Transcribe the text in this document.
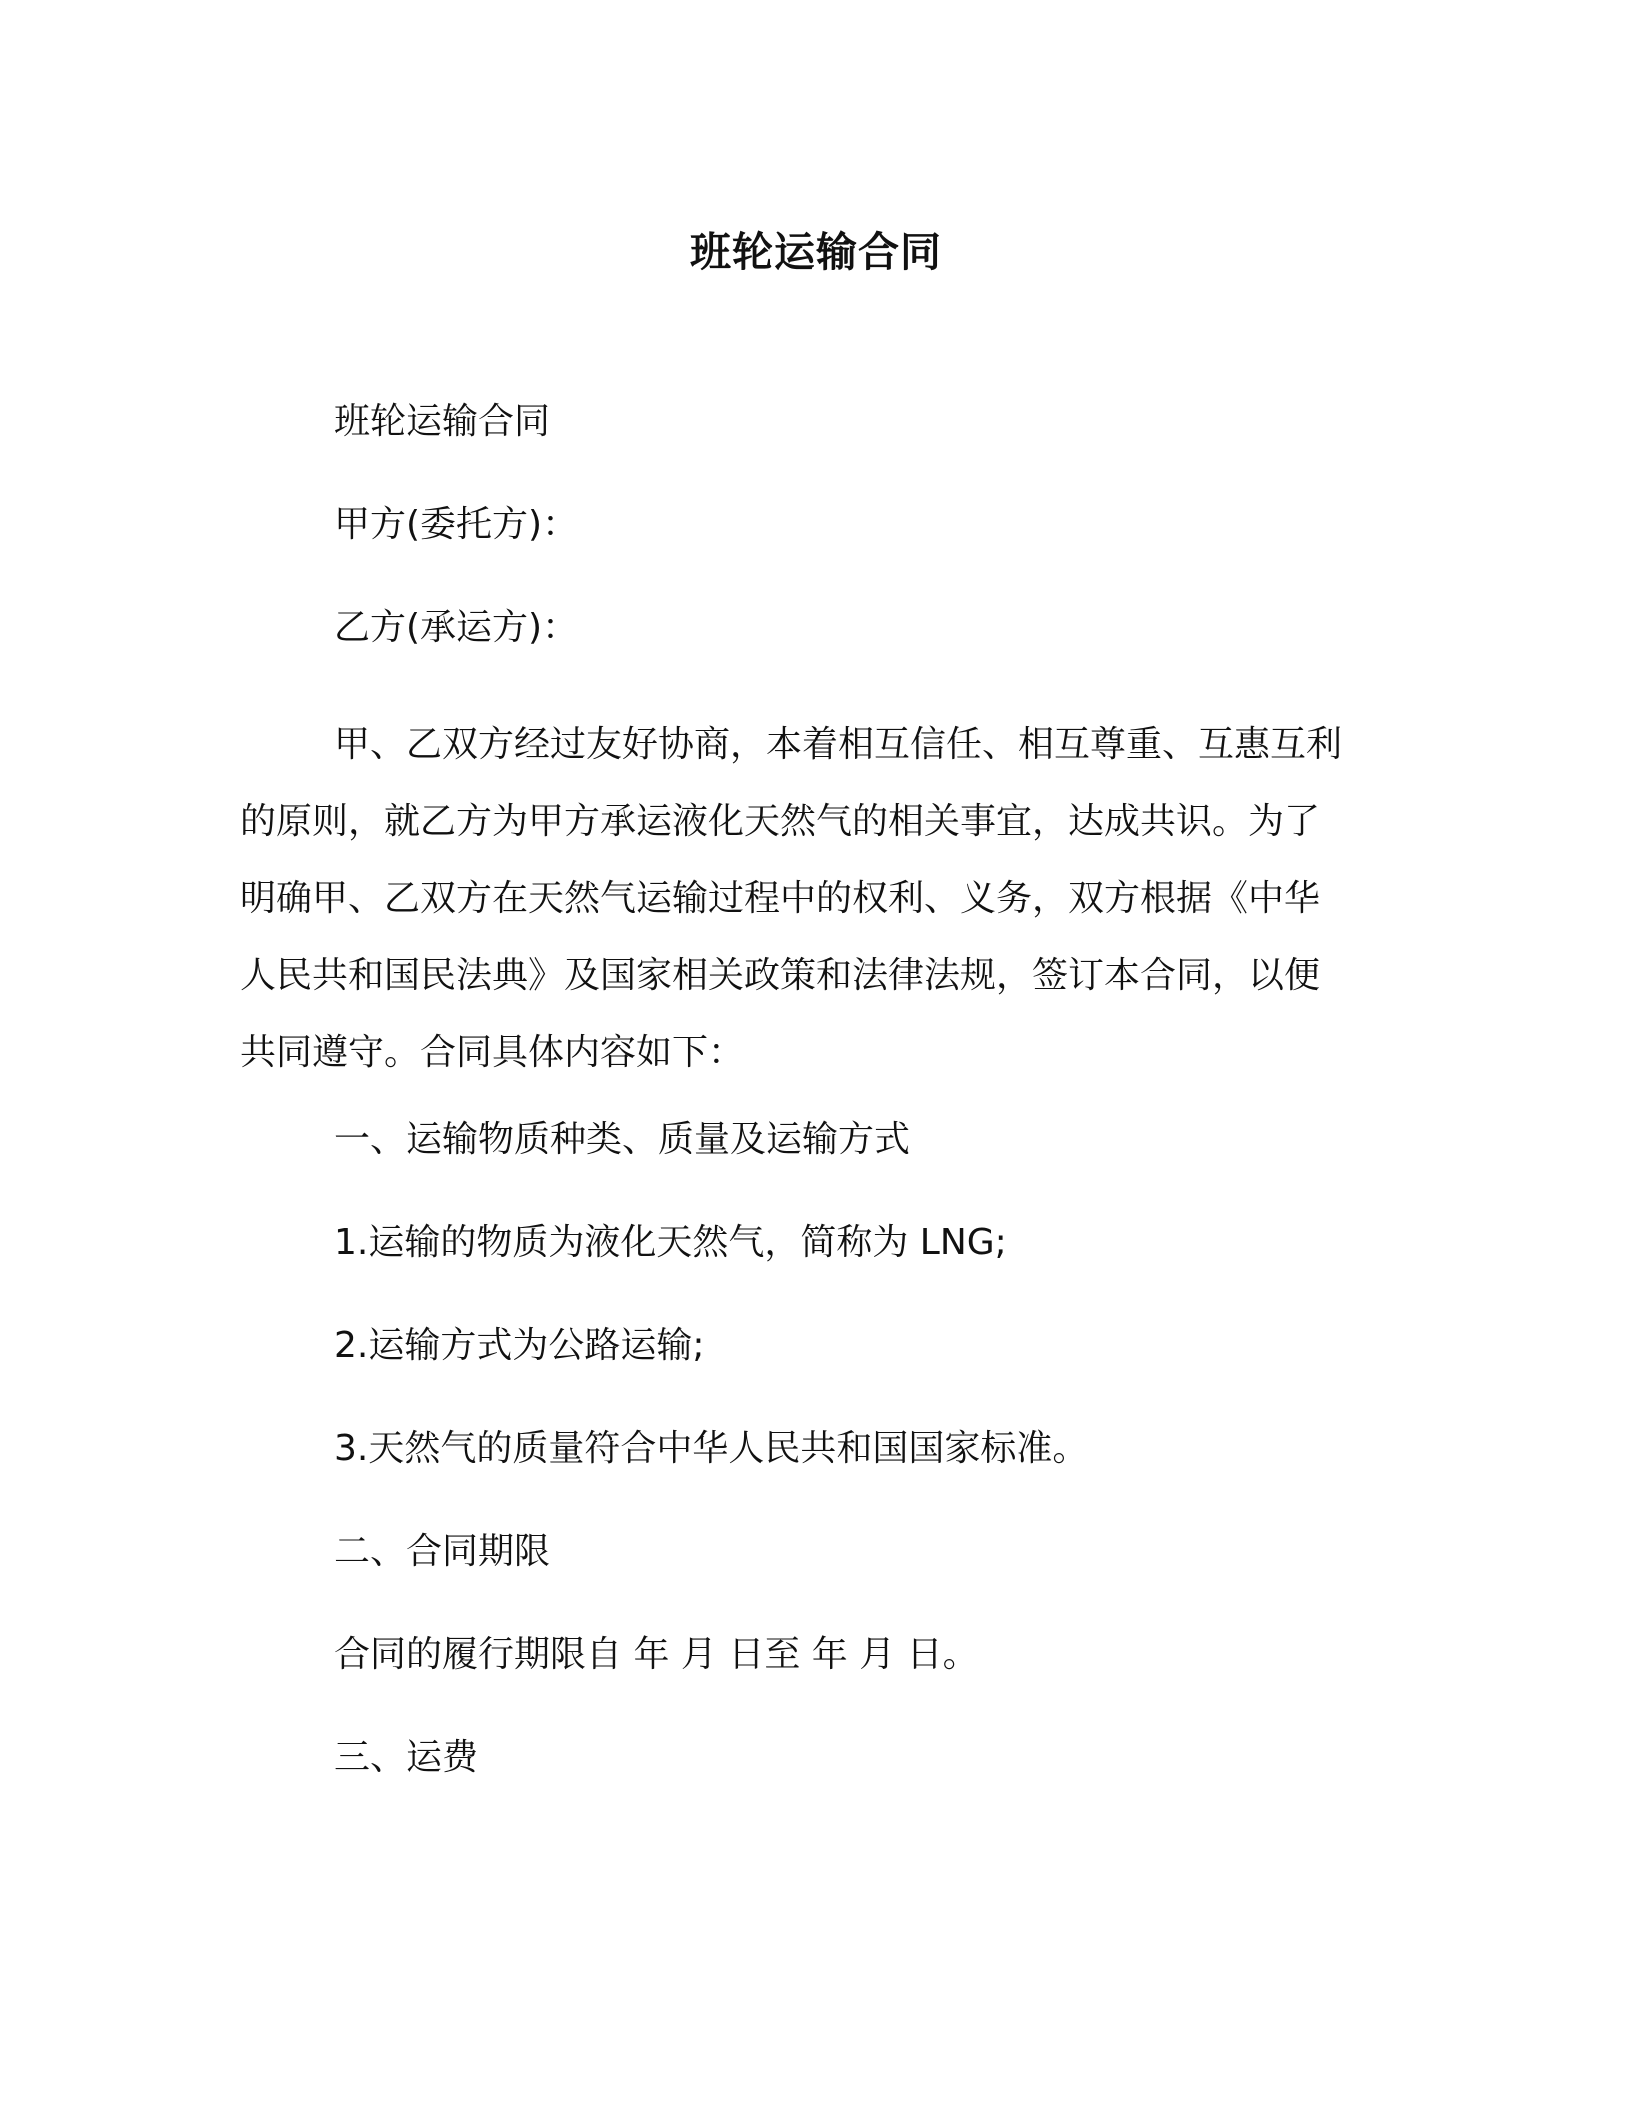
班轮运输合同
班轮运输合同
甲方(委托方)：
乙方(承运方)：
甲、乙双方经过友好协商，本着相互信任、相互尊重、互惠互利
的原则，就乙方为甲方承运液化天然气的相关事宜，达成共识。为了
明确甲、乙双方在天然气运输过程中的权利、义务，双方根据《中华
人民共和国民法典》及国家相关政策和法律法规，签订本合同，以便
共同遵守。合同具体内容如下：
一、运输物质种类、质量及运输方式
1.运输的物质为液化天然气，简称为 LNG;
2.运输方式为公路运输;
3.天然气的质量符合中华人民共和国国家标准。
二、合同期限
合同的履行期限自 年 月 日至 年 月 日。
三、运费
